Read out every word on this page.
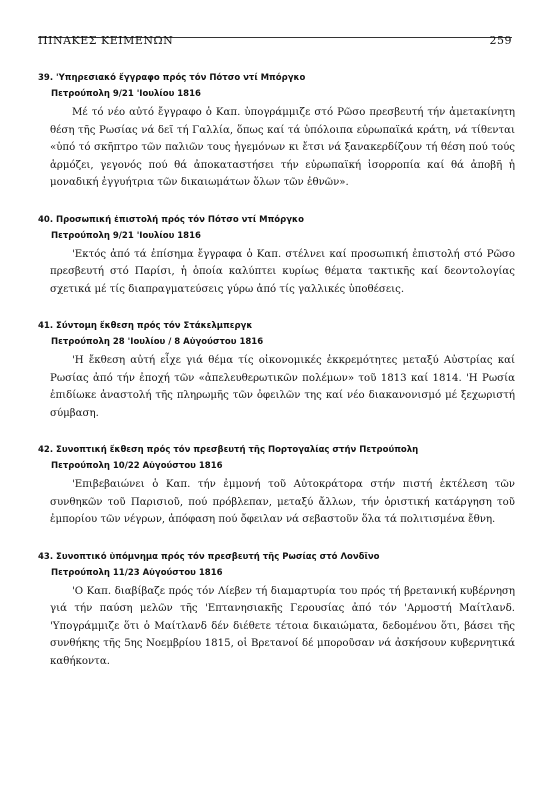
ΠΙΝΑΚΕΣ ΚΕΙΜΕΝΩΝ	259
39. 'Υπηρεσιακό ἔγγραφο πρός τόν Πότσο ντί Μπόργκο
Πετρούπολη 9/21 'Ιουλίου 1816
Μέ τό νέο αὐτό ἔγγραφο ὁ Καπ. ὑπογράμμιζε στό Ρῶσο πρεσβευτή τήν ἀμετακίνητη θέση τῆς Ρωσίας νά δεῖ τή Γαλλία, ὅπως καί τά ὑπόλοιπα εὐρωπαϊκά κράτη, νά τίθενται «ὑπό τό σκῆπτρο τῶν παλιῶν τους ἡγεμόνων κι ἔτσι νά ξανακερδίζουν τή θέση πού τούς ἁρμόζει, γεγονός πού θά ἀποκαταστήσει τήν εὐρωπαϊκή ἰσορροπία καί θά ἀποβῆ ἡ μοναδική ἐγγυήτρια τῶν δικαιωμάτων ὅλων τῶν ἐθνῶν».
40. Προσωπική ἐπιστολή πρός τόν Πότσο ντί Μπόργκο
Πετρούπολη 9/21 'Ιουλίου 1816
'Εκτός ἀπό τά ἐπίσημα ἔγγραφα ὁ Καπ. στέλνει καί προσωπική ἐπιστολή στό Ρῶσο πρεσβευτή στό Παρίσι, ἡ ὁποία καλύπτει κυρίως θέματα τακτικῆς καί δεοντολογίας σχετικά μέ τίς διαπραγματεύσεις γύρω ἀπό τίς γαλλικές ὑποθέσεις.
41. Σύντομη ἔκθεση πρός τόν Στάκελμπεργκ
Πετρούπολη 28 'Ιουλίου / 8 Αὐγούστου 1816
'Η ἔκθεση αὐτή εἶχε γιά θέμα τίς οἰκονομικές ἐκκρεμότητες μεταξύ Αὐστρίας καί Ρωσίας ἀπό τήν ἐποχή τῶν «ἀπελευθερωτικῶν πολέμων» τοῦ 1813 καί 1814. 'Η Ρωσία ἐπιδίωκε ἀναστολή τῆς πληρωμῆς τῶν ὀφειλῶν της καί νέο διακανονισμό μέ ξεχωριστή σύμβαση.
42. Συνοπτική ἔκθεση πρός τόν πρεσβευτή τῆς Πορτογαλίας στήν Πετρούπολη
Πετρούπολη 10/22 Αὐγούστου 1816
'Επιβεβαιώνει ὁ Καπ. τήν ἐμμονή τοῦ Αὐτοκράτορα στήν πιστή ἐκτέλεση τῶν συνθηκῶν τοῦ Παρισιοῦ, πού πρόβλεπαν, μεταξύ ἄλλων, τήν ὁριστική κατάργηση τοῦ ἐμπορίου τῶν νέγρων, ἀπόφαση πού ὄφειλαν νά σεβαστοῦν ὅλα τά πολιτισμένα ἔθνη.
43. Συνοπτικό ὑπόμνημα πρός τόν πρεσβευτή τῆς Ρωσίας στό Λονδῖνο
Πετρούπολη 11/23 Αὐγούστου 1816
'Ο Καπ. διαβίβαζε πρός τόν Λίεβεν τή διαμαρτυρία του πρός τή βρετανική κυβέρνηση γιά τήν παύση μελῶν τῆς 'Επτανησιακῆς Γερουσίας ἀπό τόν 'Αρμοστή Μαίτλανδ. 'Υπογράμμιζε ὅτι ὁ Μαίτλανδ δέν διέθετε τέτοια δικαιώματα, δεδομένου ὅτι, βάσει τῆς συνθήκης τῆς 5ης Νοεμβρίου 1815, οἱ Βρετανοί δέ μποροῦσαν νά ἀσκήσουν κυβερνητικά καθήκοντα.
